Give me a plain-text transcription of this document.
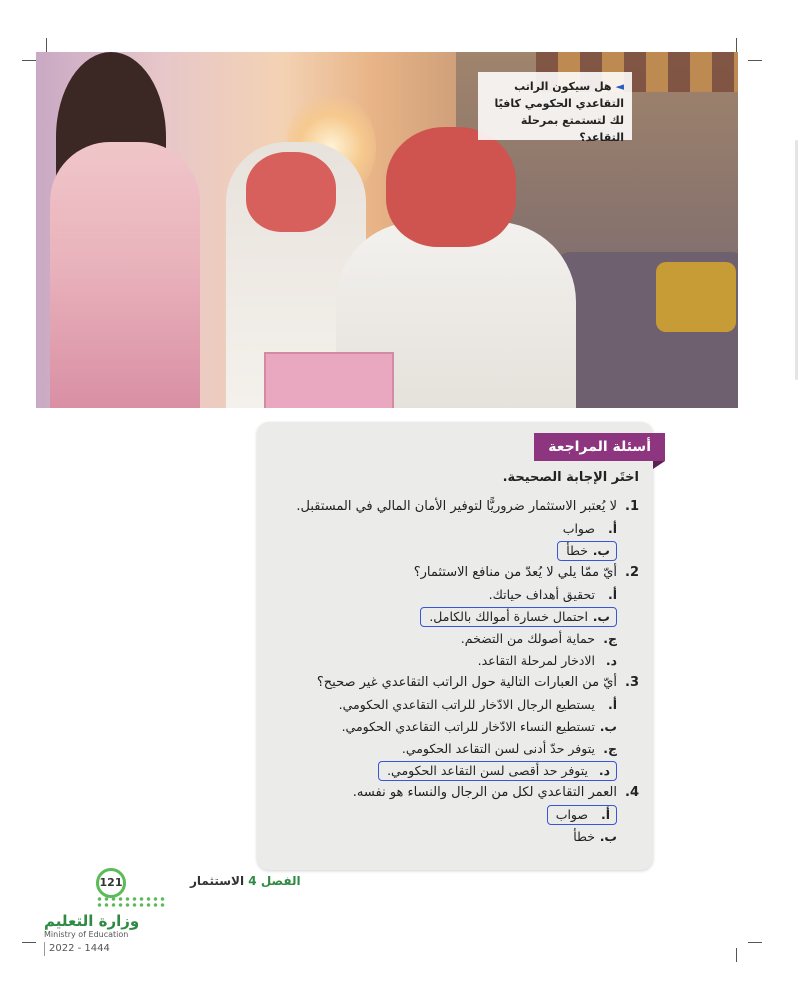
◄هل سيكون الراتب التقاعدي الحكومي كافيًا لك لتستمتع بمرحلة التقاعد؟
أسئلة المراجعة
اختَر الإجابة الصحيحة.
1.لا يُعتبر الاستثمار ضروريًّا لتوفير الأمان المالي في المستقبل.
أ.صواب
ب.خطأ
2.أيّ ممّا يلي لا يُعدّ من منافع الاستثمار؟
أ.تحقيق أهداف حياتك.
ب.احتمال خسارة أموالك بالكامل.
ج.حماية أصولك من التضخم.
د.الادخار لمرحلة التقاعد.
3.أيّ من العبارات التالية حول الراتب التقاعدي غير صحيح؟
أ.يستطيع الرجال الادّخار للراتب التقاعدي الحكومي.
ب.تستطيع النساء الادّخار للراتب التقاعدي الحكومي.
ج.يتوفر حدّ أدنى لسن التقاعد الحكومي.
د.يتوفر حد أقصى لسن التقاعد الحكومي.
4.العمر التقاعدي لكل من الرجال والنساء هو نفسه.
أ.صواب
ب.خطأ
الفصل 4 الاستثمار
121
وزارة التعليم
Ministry of Education
2022 - 1444
